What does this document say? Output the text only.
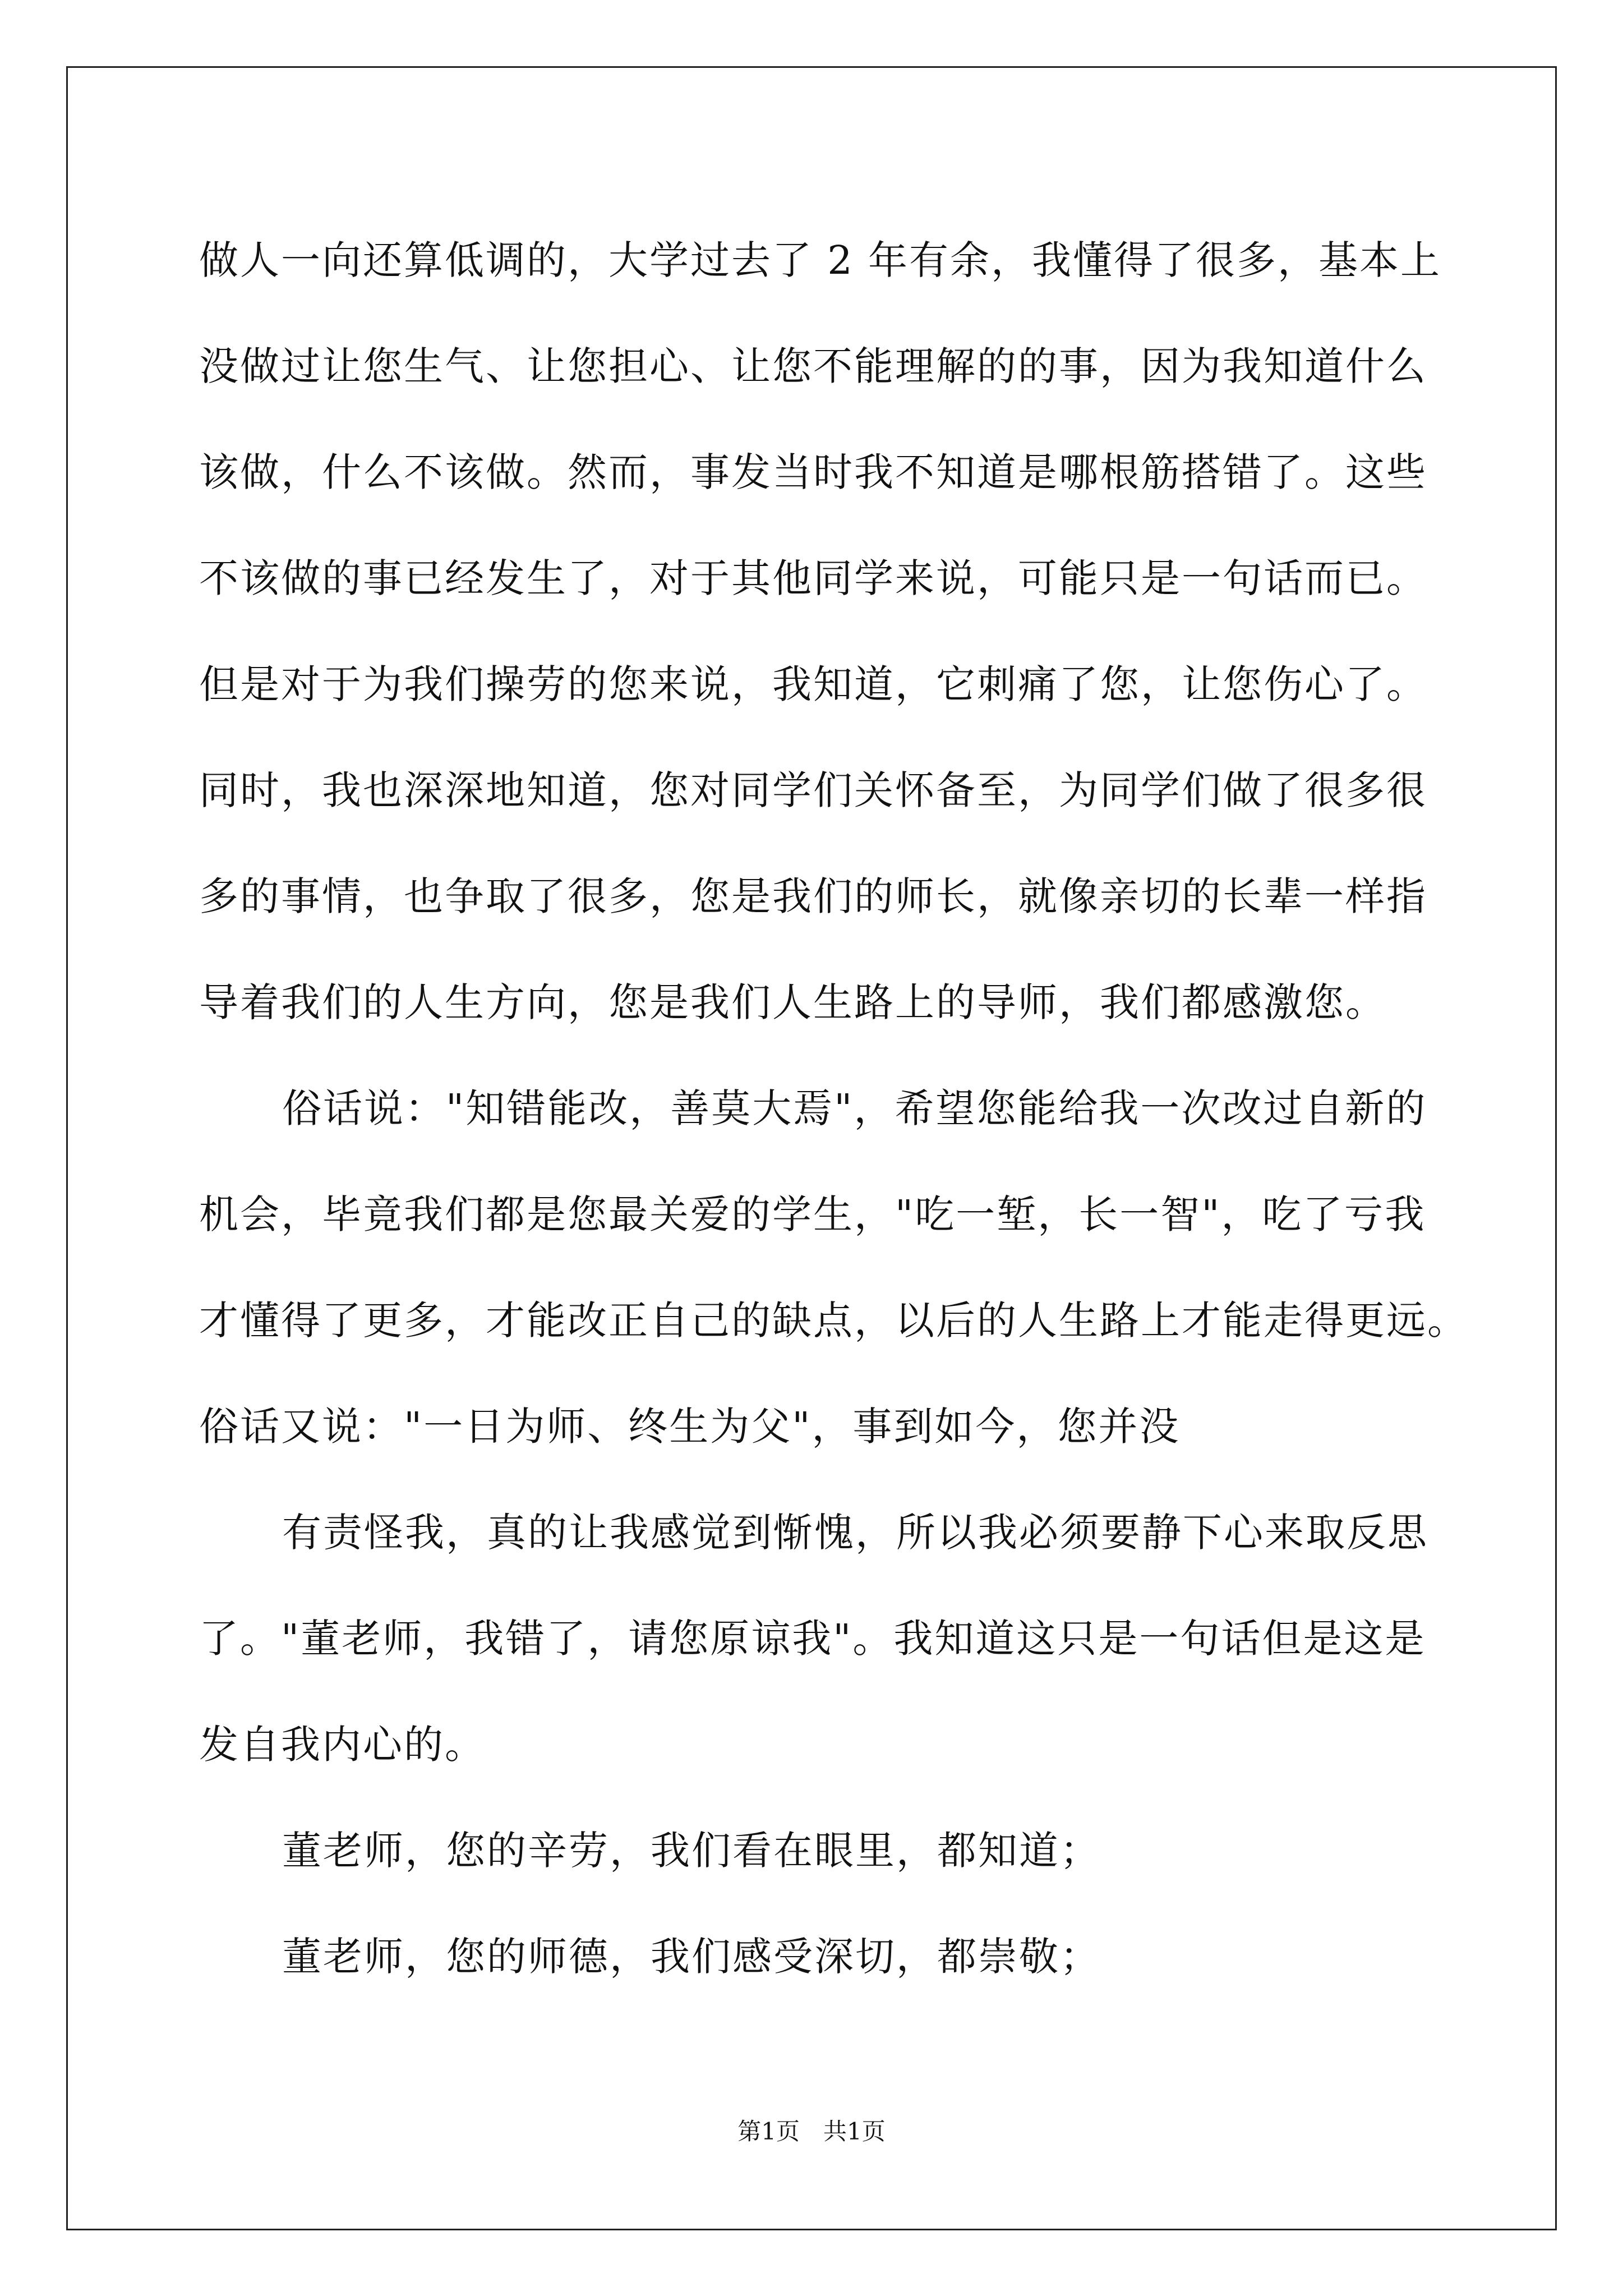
做人一向还算低调的，大学过去了 2 年有余，我懂得了很多，基本上
没做过让您生气、让您担心、让您不能理解的的事，因为我知道什么
该做，什么不该做。然而，事发当时我不知道是哪根筋搭错了。这些
不该做的事已经发生了，对于其他同学来说，可能只是一句话而已。
但是对于为我们操劳的您来说，我知道，它刺痛了您，让您伤心了。
同时，我也深深地知道，您对同学们关怀备至，为同学们做了很多很
多的事情，也争取了很多，您是我们的师长，就像亲切的长辈一样指
导着我们的人生方向，您是我们人生路上的导师，我们都感激您。
俗话说："知错能改，善莫大焉"，希望您能给我一次改过自新的
机会，毕竟我们都是您最关爱的学生，"吃一堑，长一智"，吃了亏我
才懂得了更多，才能改正自己的缺点，以后的人生路上才能走得更远。
俗话又说："一日为师、终生为父"，事到如今，您并没
有责怪我，真的让我感觉到惭愧，所以我必须要静下心来取反思
了。"董老师，我错了，请您原谅我"。我知道这只是一句话但是这是
发自我内心的。
董老师，您的辛劳，我们看在眼里，都知道；
董老师，您的师德，我们感受深切，都崇敬；
第1页　共1页
